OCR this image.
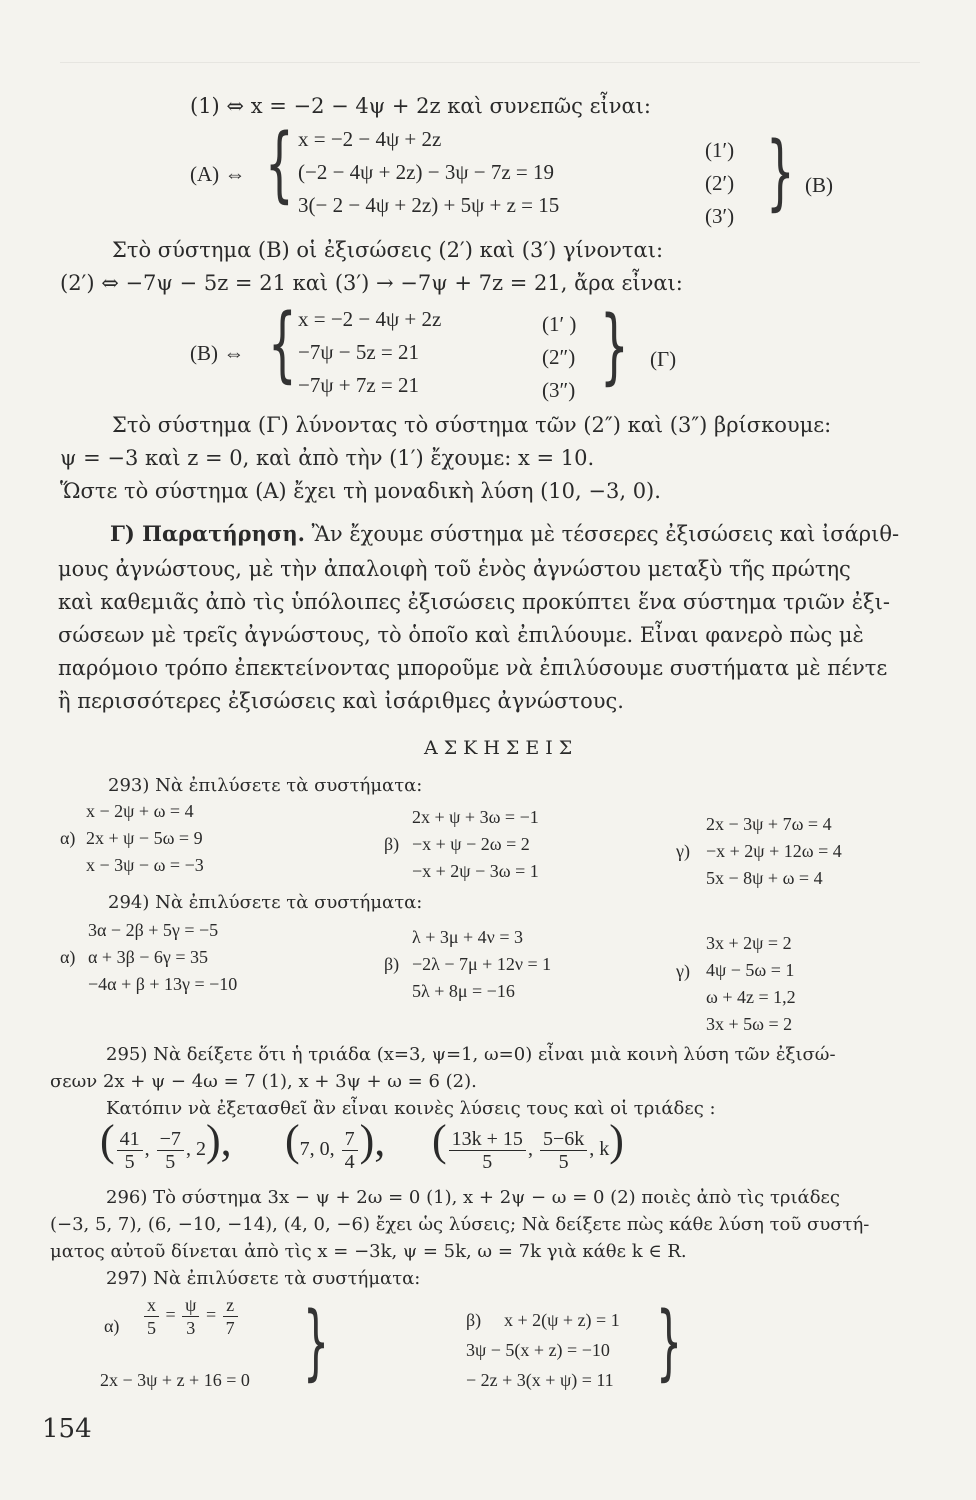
(1) ⇔ x = −2 − 4ψ + 2z καὶ συνεπῶς εἶναι:
(A) ⇔ { x = −2 − 4ψ + 2z
(−2 − 4ψ + 2z) − 3ψ − 7z = 19
3(− 2 − 4ψ + 2z) + 5ψ + z = 15
(1′)
(2′)
(3′) } (B)
Στὸ σύστημα (B) οἱ ἐξισώσεις (2′) καὶ (3′) γίνονται:
(2′) ⇔ −7ψ − 5z = 21 καὶ (3′) → −7ψ + 7z = 21, ἄρα εἶναι:
(B) ⇔ { x = −2 − 4ψ + 2z
−7ψ − 5z = 21
−7ψ + 7z = 21
(1′ )
(2″)
(3″) } (Γ)
Στὸ σύστημα (Γ) λύνοντας τὸ σύστημα τῶν (2″) καὶ (3″) βρίσκουμε:
ψ = −3 καὶ z = 0, καὶ ἀπὸ τὴν (1′) ἔχουμε: x = 10.
Ὥστε τὸ σύστημα (A) ἔχει τὴ μοναδικὴ λύση (10, −3, 0).
Γ) Παρατήρηση. Ἂν ἔχουμε σύστημα μὲ τέσσερες ἐξισώσεις καὶ ἰσάριθ-
μους ἀγνώστους, μὲ τὴν ἀπαλοιφὴ τοῦ ἑνὸς ἀγνώστου μεταξὺ τῆς πρώτης
καὶ καθεμιᾶς ἀπὸ τὶς ὑπόλοιπες ἐξισώσεις προκύπτει ἕνα σύστημα τριῶν ἐξι-
σώσεων μὲ τρεῖς ἀγνώστους, τὸ ὁποῖο καὶ ἐπιλύουμε. Εἶναι φανερὸ πὼς μὲ
παρόμοιο τρόπο ἐπεκτείνοντας μποροῦμε νὰ ἐπιλύσουμε συστήματα μὲ πέντε
ἢ περισσότερες ἐξισώσεις καὶ ἰσάριθμες ἀγνώστους.
ΑΣΚΗΣΕΙΣ
293) Νὰ ἐπιλύσετε τὰ συστήματα:
α)
x − 2ψ + ω = 4
2x + ψ − 5ω = 9
x − 3ψ − ω = −3
β)
2x + ψ + 3ω = −1
−x + ψ − 2ω = 2
−x + 2ψ − 3ω = 1
γ)
2x − 3ψ + 7ω = 4
−x + 2ψ + 12ω = 4
5x − 8ψ + ω = 4
294) Νὰ ἐπιλύσετε τὰ συστήματα:
α)
3α − 2β + 5γ = −5
α + 3β − 6γ = 35
−4α + β + 13γ = −10
β)
λ + 3μ + 4ν = 3
−2λ − 7μ + 12ν = 1
5λ + 8μ = −16
γ)
3x + 2ψ = 2
4ψ − 5ω = 1
ω + 4z = 1,2
3x + 5ω = 2
295) Νὰ δείξετε ὅτι ἡ τριάδα (x=3, ψ=1, ω=0) εἶναι μιὰ κοινὴ λύση τῶν ἐξισώ-
σεων 2x + ψ − 4ω = 7 (1), x + 3ψ + ω = 6 (2).
Κατόπιν νὰ ἐξετασθεῖ ἂν εἶναι κοινὲς λύσεις τους καὶ οἱ τριάδες :
( $\frac{41}{5}$ , $\frac{-7}{5}$ , 2), (7, 0, $\frac{7}{4}$ ), ( $\frac{13k + 15}{5}$ , $\frac{5-6k}{5}$ , k)
296) Τὸ σύστημα 3x − ψ + 2ω = 0 (1), x + 2ψ − ω = 0 (2) ποιὲς ἀπὸ τὶς τριάδες
(−3, 5, 7), (6, −10, −14), (4, 0, −6) ἔχει ὡς λύσεις; Νὰ δείξετε πὼς κάθε λύση τοῦ συστή-
ματος αὐτοῦ δίνεται ἀπὸ τὶς x = −3k, ψ = 5k, ω = 7k γιὰ κάθε k ∈ R.
297) Νὰ ἐπιλύσετε τὰ συστήματα:
$\alpha) \frac{x}{5} = \frac{\psi}{3} = \frac{z}{7}$
2x − 3ψ + z + 16 = 0 }	β) x + 2(ψ + z) = 1
3ψ − 5(x + z) = −10
− 2z + 3(x + ψ) = 11 }
154
